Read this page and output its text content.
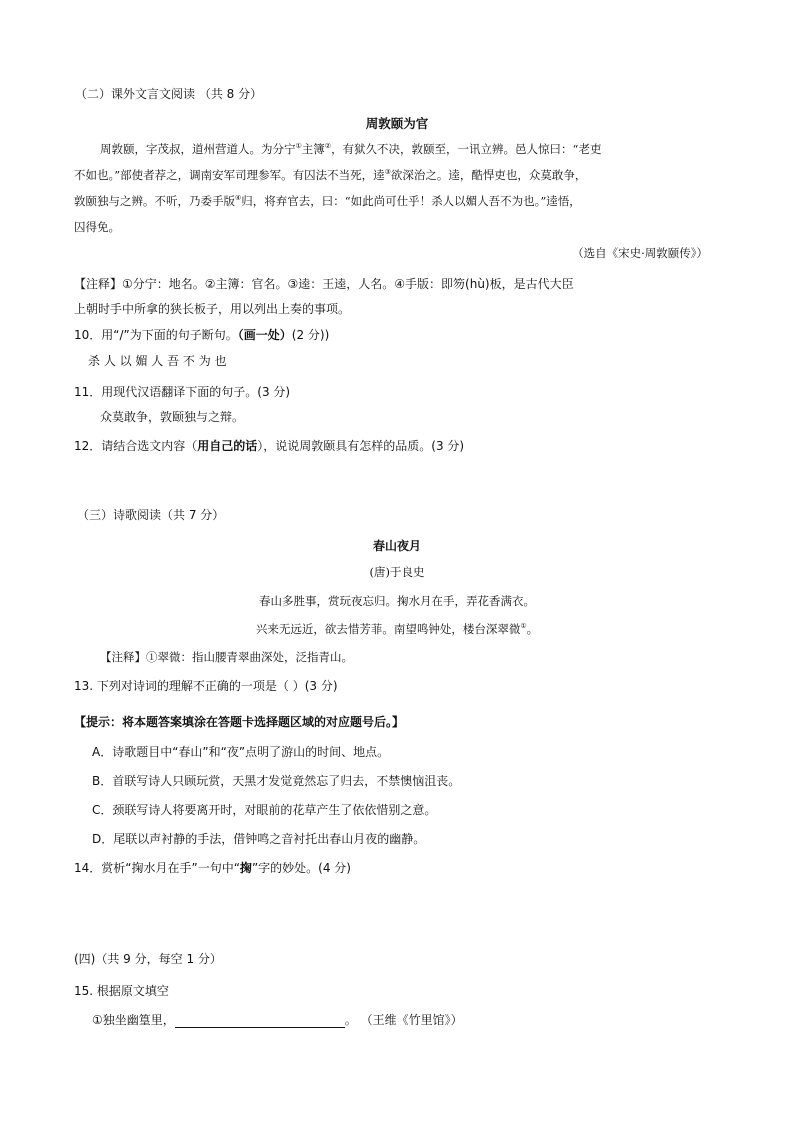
（二）课外文言文阅读 （共 8 分）
周敦颐为官
周敦颐，字茂叔，道州营道人。为分宁①主簿②，有狱久不决，敦颐至，一讯立辨。邑人惊曰：“老吏
不如也。”部使者荐之，调南安军司理参军。有囚法不当死，逵③欲深治之。逵，酷悍吏也，众莫敢争，
敦颐独与之辨。不听，乃委手版④归，将弃官去，曰：“如此尚可仕乎！杀人以媚人吾不为也。”逵悟，
囚得免。
（选自《宋史·周敦颐传》）
【注释】①分宁：地名。②主簿：官名。③逵：王逵，人名。④手版：即笏(hù)板，是古代大臣
上朝时手中所拿的狭长板子，用以列出上奏的事项。
10．用“/”为下面的句子断句。（画一处）(2 分))
杀 人 以 媚 人 吾 不 为 也
11．用现代汉语翻译下面的句子。(3 分)
众莫敢争，敦颐独与之辩。
12．请结合选文内容（用自己的话），说说周敦颐具有怎样的品质。(3 分)
（三）诗歌阅读（共 7 分）
春山夜月
(唐)于良史
春山多胜事，赏玩夜忘归。掬水月在手，弄花香满衣。
兴来无远近，欲去惜芳菲。南望鸣钟处，楼台深翠微①。
【注释】①翠微：指山腰青翠曲深处，泛指青山。
13. 下列对诗词的理解不正确的一项是（ ）(3 分)
【提示：将本题答案填涂在答题卡选择题区域的对应题号后。】
A．诗歌题目中“春山”和“夜”点明了游山的时间、地点。
B．首联写诗人只顾玩赏，天黑才发觉竟然忘了归去，不禁懊恼沮丧。
C．颈联写诗人将要离开时，对眼前的花草产生了依依惜别之意。
D．尾联以声衬静的手法，借钟鸣之音衬托出春山月夜的幽静。
14．赏析“掬水月在手”一句中“掬”字的妙处。(4 分)
(四)（共 9 分，每空 1 分）
15. 根据原文填空
①独坐幽篁里，	。 （王维《竹里馆》）
